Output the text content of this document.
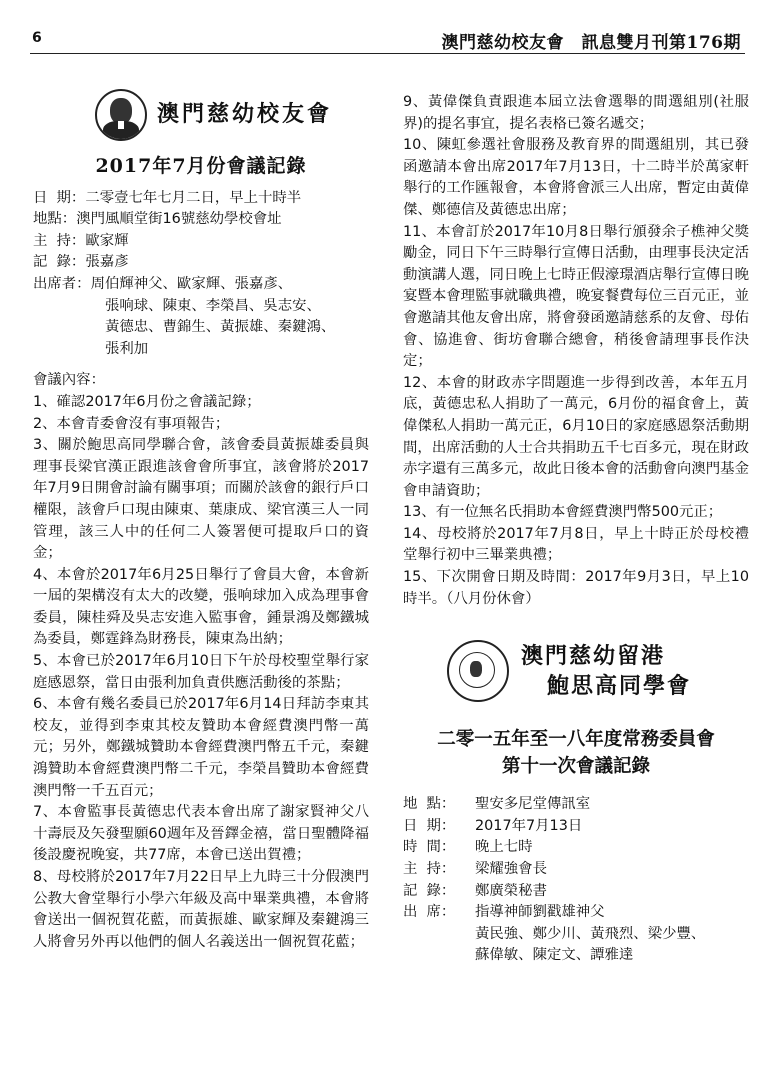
6	澳門慈幼校友會　訊息雙月刊第176期
澳門慈幼校友會
2017年7月份會議記錄
日  期： 二零壹七年七月二日，早上十時半
地點： 澳門風順堂街16號慈幼學校會址
主  持： 歐家輝
記  錄： 張嘉彥
出席者： 周伯輝神父、歐家輝、張嘉彥、
張响球、陳東、李榮昌、吳志安、
黃德忠、曹錦生、黃振雄、秦鍵鴻、
張利加
會議內容：

1、確認2017年6月份之會議記錄；

2、本會青委會沒有事項報告；

3、關於鮑思高同學聯合會，該會委員黃振雄委員與理事長梁官漢正跟進該會會所事宜，該會將於2017年7月9日開會討論有關事項；而關於該會的銀行戶口權限，該會戶口現由陳東、葉康成、梁官漢三人一同管理，該三人中的任何二人簽署便可提取戶口的資金；

4、本會於2017年6月25日舉行了會員大會，本會新一屆的架構沒有太大的改變，張响球加入成為理事會委員，陳桂舜及吳志安進入監事會，鍾景鴻及鄭鐵城為委員，鄭霆鋒為財務長，陳東為出納；

5、本會已於2017年6月10日下午於母校聖堂舉行家庭感恩祭，當日由張利加負責供應活動後的茶點；

6、本會有幾名委員已於2017年6月14日拜訪李東其校友，並得到李東其校友贊助本會經費澳門幣一萬元；另外，鄭鐵城贊助本會經費澳門幣五千元，秦鍵鴻贊助本會經費澳門幣二千元，李榮昌贊助本會經費澳門幣一千五百元；

7、本會監事長黃德忠代表本會出席了謝家賢神父八十壽辰及矢發聖願60週年及晉鐸金禧，當日聖體降福後設慶祝晚宴，共77席，本會已送出賀禮；

8、母校將於2017年7月22日早上九時三十分假澳門公教大會堂舉行小學六年級及高中畢業典禮，本會將會送出一個祝賀花藍，而黃振雄、歐家輝及秦鍵鴻三人將會另外再以他們的個人名義送出一個祝賀花藍；

9、黃偉傑負責跟進本屆立法會選舉的間選組別(社服界)的提名事宜，提名表格已簽名遞交；

10、陳虹參選社會服務及教育界的間選組別，其已發函邀請本會出席2017年7月13日，十二時半於萬家軒舉行的工作匯報會，本會將會派三人出席，暫定由黃偉傑、鄭德信及黃德忠出席；

11、本會訂於2017年10月8日舉行頒發余子樵神父獎勵金，同日下午三時舉行宣傳日活動，由理事長決定活動演講人選，同日晚上七時正假濠璟酒店舉行宣傳日晚宴暨本會理監事就職典禮，晚宴餐費每位三百元正，並會邀請其他友會出席，將會發函邀請慈系的友會、母佑會、協進會、街坊會聯合總會，稍後會請理事長作決定；

12、本會的財政赤字問題進一步得到改善，本年五月底，黃德忠私人捐助了一萬元，6月份的福食會上，黃偉傑私人捐助一萬元正，6月10日的家庭感恩祭活動期間，出席活動的人士合共捐助五千七百多元，現在財政赤字還有三萬多元，故此日後本會的活動會向澳門基金會申請資助；

13、有一位無名氏捐助本會經費澳門幣500元正；

14、母校將於2017年7月8日，早上十時正於母校禮堂舉行初中三畢業典禮；

15、下次開會日期及時間：2017年9月3日，早上10時半。（八月份休會）

澳門慈幼留港
鮑思高同學會
二零一五年至一八年度常務委員會
第十一次會議記錄
地  點：	聖安多尼堂傳訊室
日  期：	2017年7月13日
時  間：	晚上七時
主  持：	梁耀強會長
記  錄：	鄭廣榮秘書
出  席：	指導神師劉戳雄神父
黃民強、鄭少川、黃飛烈、梁少豐、
蘇偉敏、陳定文、譚雅達
